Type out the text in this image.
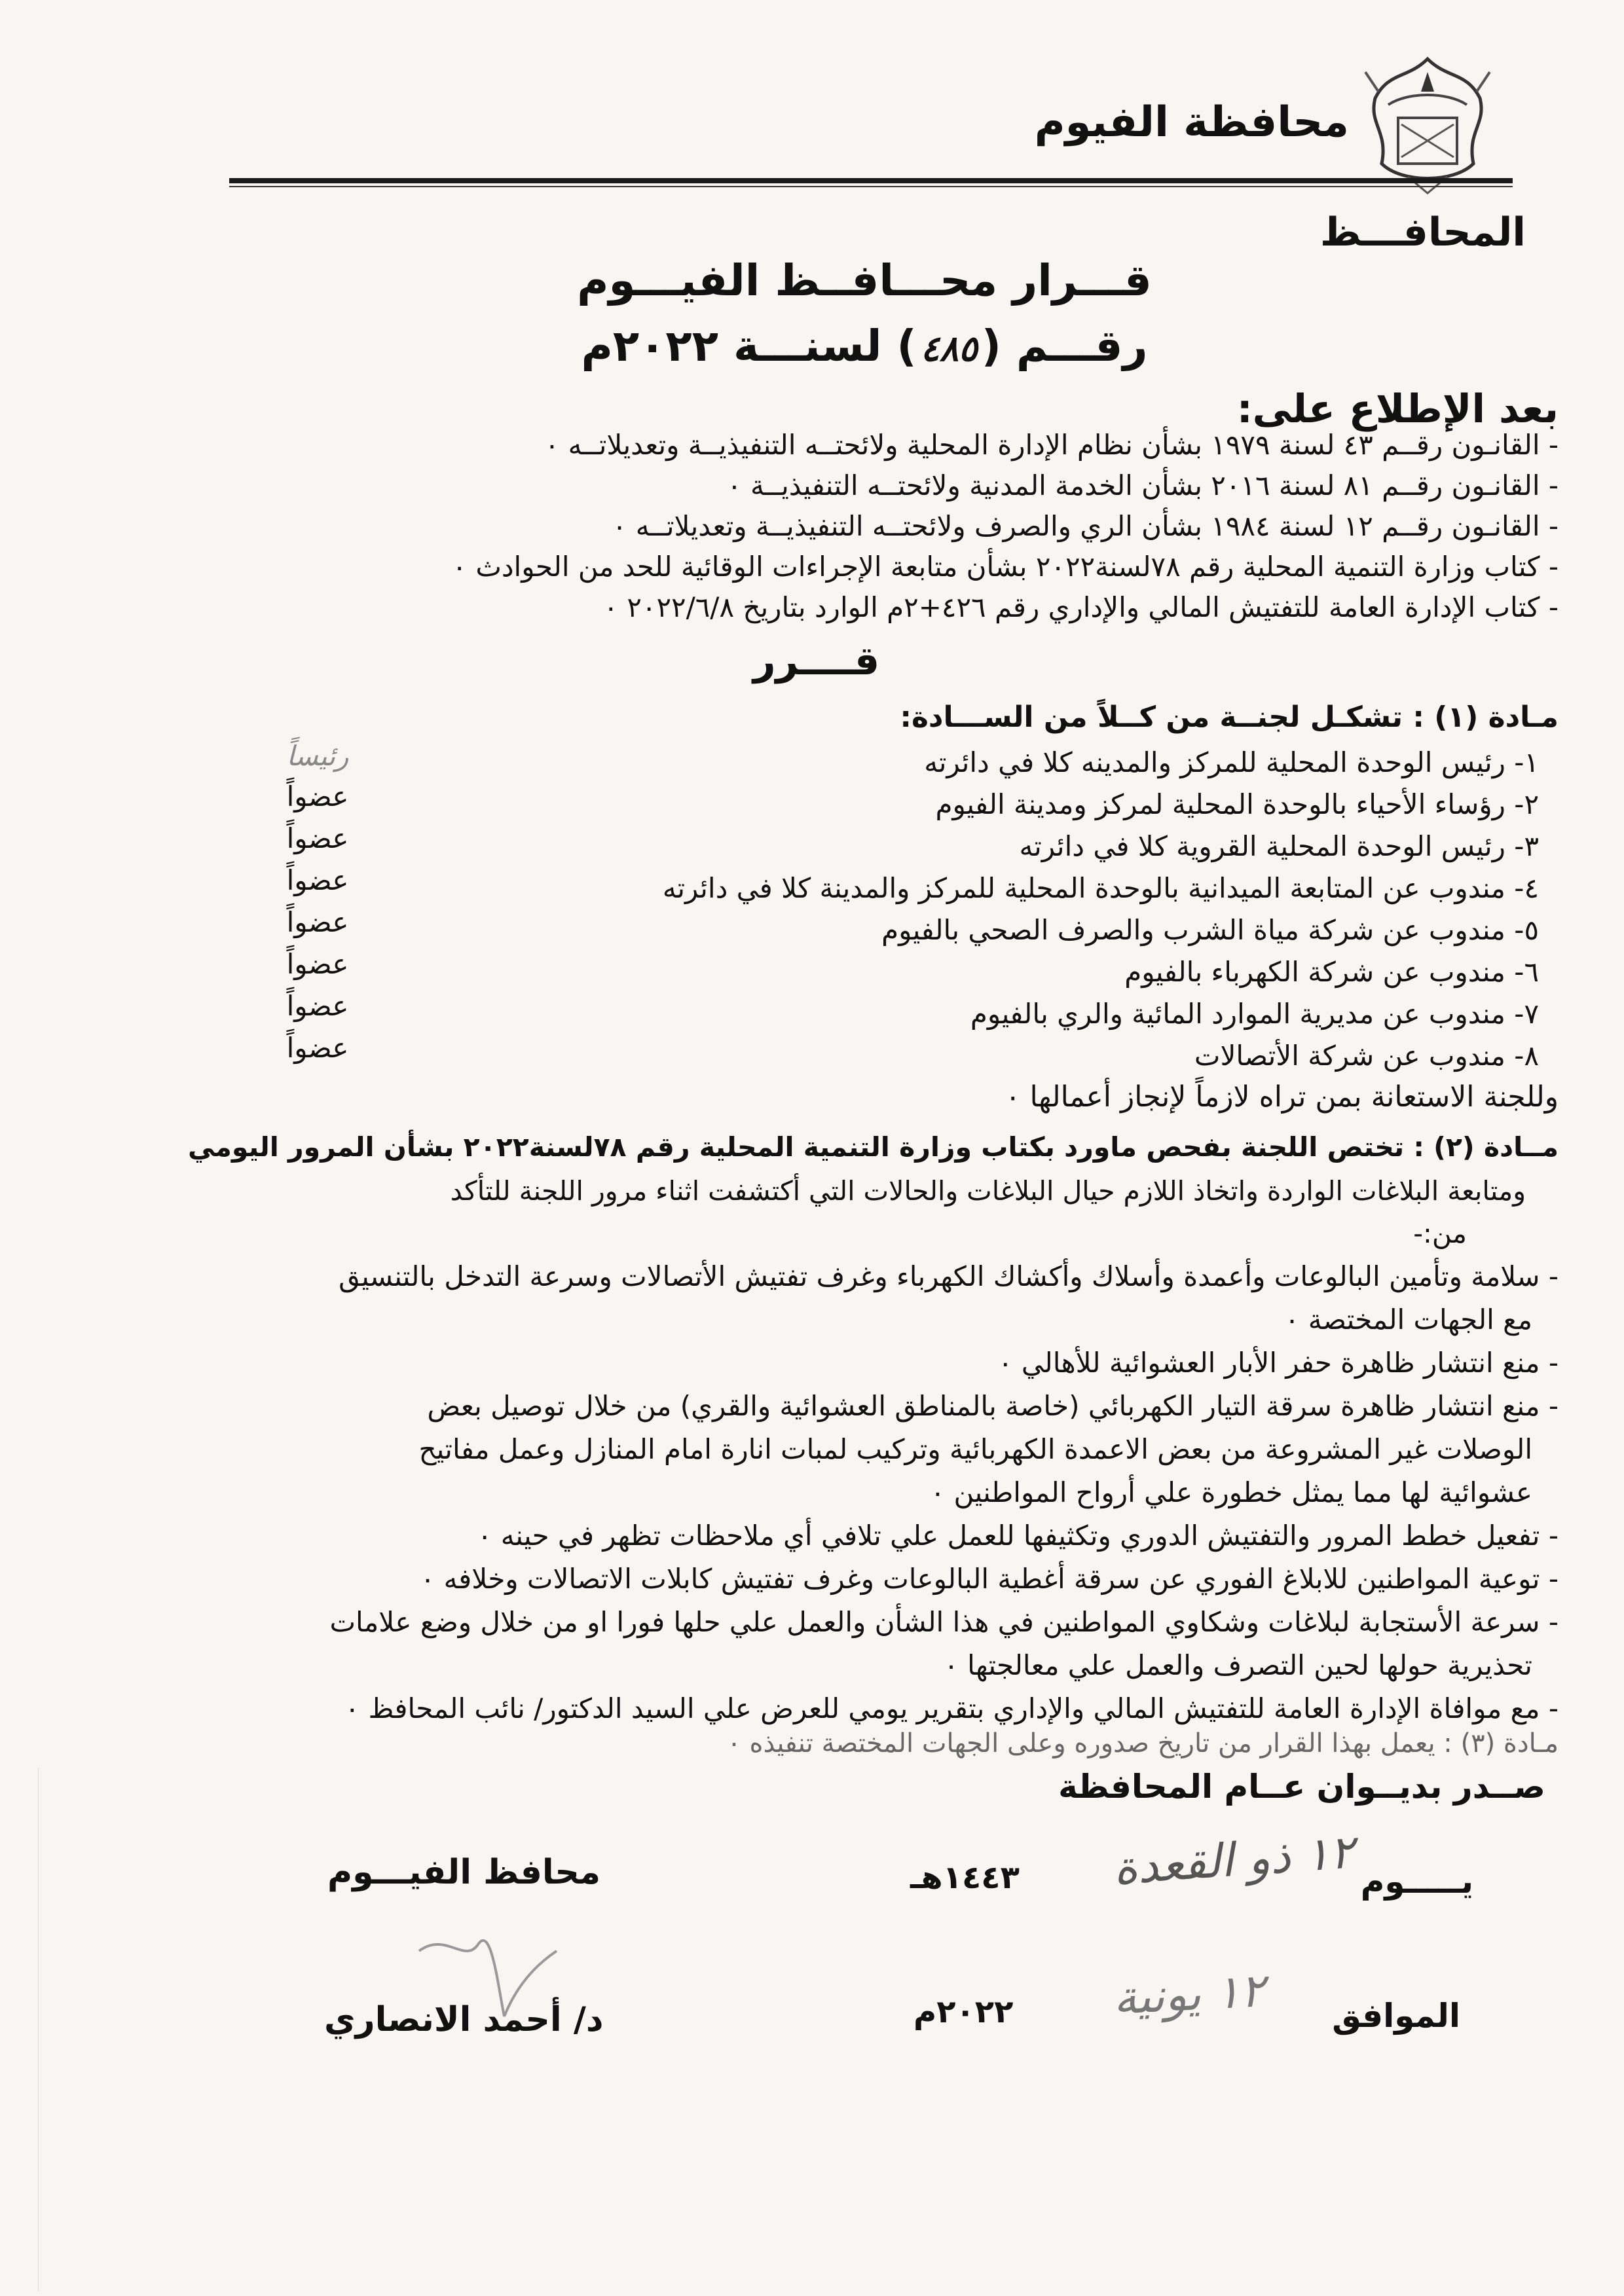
محافظة الفيوم
المحافـــظ
قـــرار محـــافــظ الفيـــوم
رقـــم (٤٨٥) لسنـــة ٢٠٢٢م
بعد الإطلاع على:
- القانـون رقــم ٤٣ لسنة ١٩٧٩ بشأن نظام الإدارة المحلية ولائحتــه التنفيذيــة وتعديلاتــه ٠
- القانـون رقــم ٨١ لسنة ٢٠١٦ بشأن الخدمة المدنية ولائحتــه التنفيذيــة ٠
- القانـون رقــم ١٢ لسنة ١٩٨٤ بشأن الري والصرف ولائحتــه التنفيذيــة وتعديلاتــه ٠
- كتاب وزارة التنمية المحلية رقم ٧٨لسنة٢٠٢٢ بشأن متابعة الإجراءات الوقائية للحد من الحوادث ٠
- كتاب الإدارة العامة للتفتيش المالي والإداري رقم ٤٢٦+٢م الوارد بتاريخ ٢٠٢٢/٦/٨ ٠
قــــرر
مـادة (١) : تشكـل لجنــة من كــلاً من الســـادة:
١- رئيس الوحدة المحلية للمركز والمدينه كلا في دائرته
٢- رؤساء الأحياء بالوحدة المحلية لمركز ومدينة الفيوم
٣- رئيس الوحدة المحلية القروية كلا في دائرته
٤- مندوب عن المتابعة الميدانية بالوحدة المحلية للمركز والمدينة كلا في دائرته
٥- مندوب عن شركة مياة الشرب والصرف الصحي بالفيوم
٦- مندوب عن شركة الكهرباء بالفيوم
٧- مندوب عن مديرية الموارد المائية والري بالفيوم
٨- مندوب عن شركة الأتصالات
رئيساً
عضواً
عضواً
عضواً
عضواً
عضواً
عضواً
عضواً
وللجنة الاستعانة بمن تراه لازماً لإنجاز أعمالها ٠
مــادة (٢) : تختص اللجنة بفحص ماورد بكتاب وزارة التنمية المحلية رقم ٧٨لسنة٢٠٢٢ بشأن المرور اليومي
ومتابعة البلاغات الواردة واتخاذ اللازم حيال البلاغات والحالات التي أكتشفت اثناء مرور اللجنة للتأكد
من:-
- سلامة وتأمين البالوعات وأعمدة وأسلاك وأكشاك الكهرباء وغرف تفتيش الأتصالات وسرعة التدخل بالتنسيق
مع الجهات المختصة ٠
- منع انتشار ظاهرة حفر الأبار العشوائية للأهالي ٠
- منع انتشار ظاهرة سرقة التيار الكهربائي (خاصة بالمناطق العشوائية والقري) من خلال توصيل بعض
الوصلات غير المشروعة من بعض الاعمدة الكهربائية وتركيب لمبات انارة امام المنازل وعمل مفاتيح
عشوائية لها مما يمثل خطورة علي أرواح المواطنين ٠
- تفعيل خطط المرور والتفتيش الدوري وتكثيفها للعمل علي تلافي أي ملاحظات تظهر في حينه ٠
- توعية المواطنين للابلاغ الفوري عن سرقة أغطية البالوعات وغرف تفتيش كابلات الاتصالات وخلافه ٠
- سرعة الأستجابة لبلاغات وشكاوي المواطنين في هذا الشأن والعمل علي حلها فورا او من خلال وضع علامات
تحذيرية حولها لحين التصرف والعمل علي معالجتها ٠
- مع موافاة الإدارة العامة للتفتيش المالي والإداري بتقرير يومي للعرض علي السيد الدكتور/ نائب المحافظ ٠
مـادة (٣) : يعمل بهذا القرار من تاريخ صدوره وعلى الجهات المختصة تنفيذه ٠
صــدر بديــوان عــام المحافظة
محافظ الفيـــوم	يـــــوم
١٢ ذو القعدة
١٤٤٣هـ
الموافق
١٢ يونية
٢٠٢٢م
د/ أحمد الانصاري
